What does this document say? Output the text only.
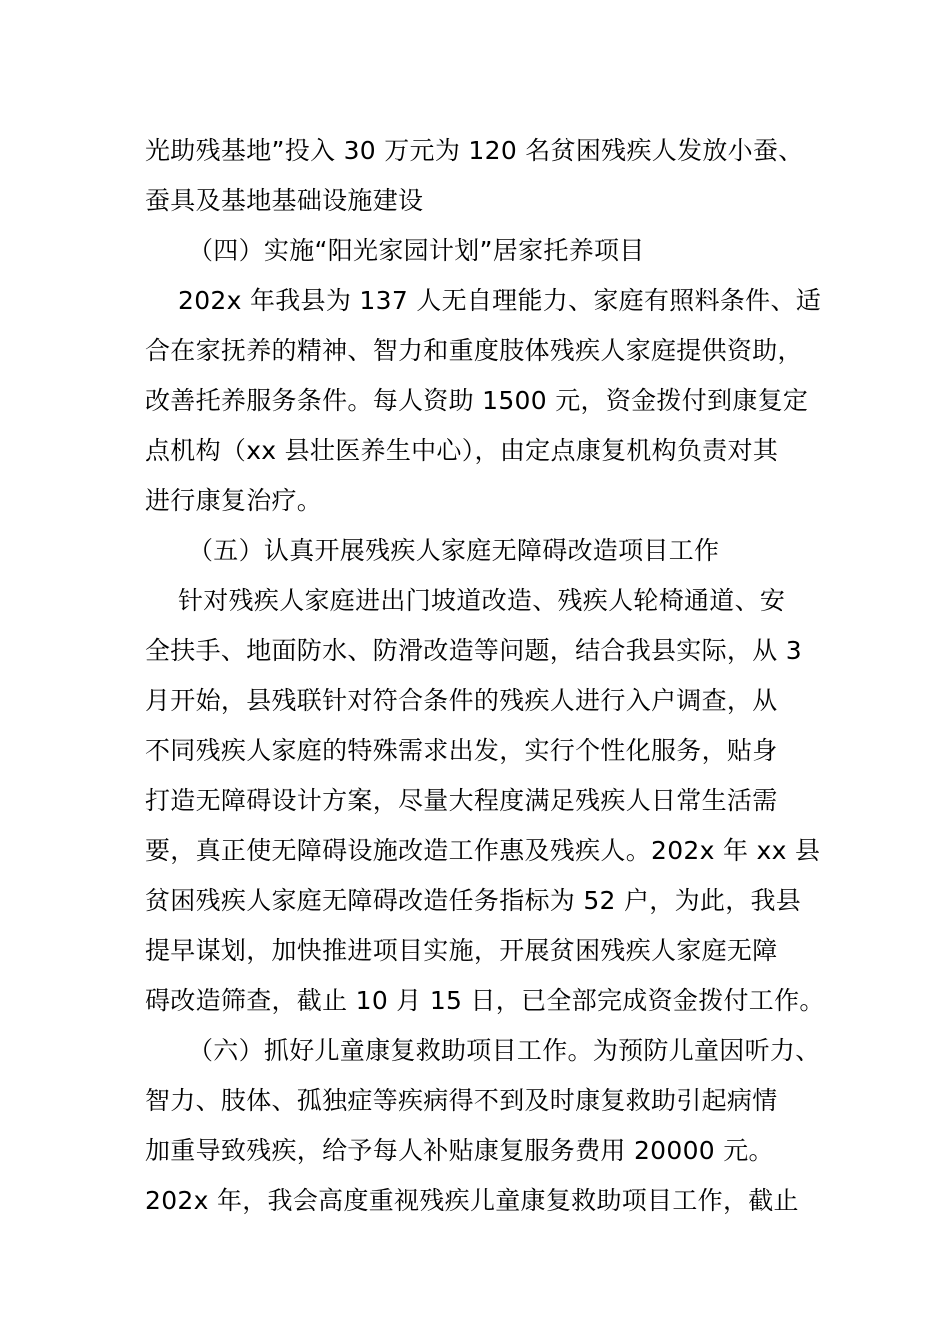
光助残基地”投入 30 万元为 120 名贫困残疾人发放小蚕、
蚕具及基地基础设施建设
（四）实施“阳光家园计划”居家托养项目
202x 年我县为 137 人无自理能力、家庭有照料条件、适
合在家抚养的精神、智力和重度肢体残疾人家庭提供资助，
改善托养服务条件。每人资助 1500 元，资金拨付到康复定
点机构（xx 县壮医养生中心），由定点康复机构负责对其
进行康复治疗。
（五）认真开展残疾人家庭无障碍改造项目工作
针对残疾人家庭进出门坡道改造、残疾人轮椅通道、安
全扶手、地面防水、防滑改造等问题，结合我县实际，从 3
月开始，县残联针对符合条件的残疾人进行入户调查，从
不同残疾人家庭的特殊需求出发，实行个性化服务，贴身
打造无障碍设计方案，尽量大程度满足残疾人日常生活需
要，真正使无障碍设施改造工作惠及残疾人。202x 年 xx 县
贫困残疾人家庭无障碍改造任务指标为 52 户，为此，我县
提早谋划，加快推进项目实施，开展贫困残疾人家庭无障
碍改造筛查，截止 10 月 15 日，已全部完成资金拨付工作。
（六）抓好儿童康复救助项目工作。为预防儿童因听力、
智力、肢体、孤独症等疾病得不到及时康复救助引起病情
加重导致残疾，给予每人补贴康复服务费用 20000 元。
202x 年，我会高度重视残疾儿童康复救助项目工作，截止
